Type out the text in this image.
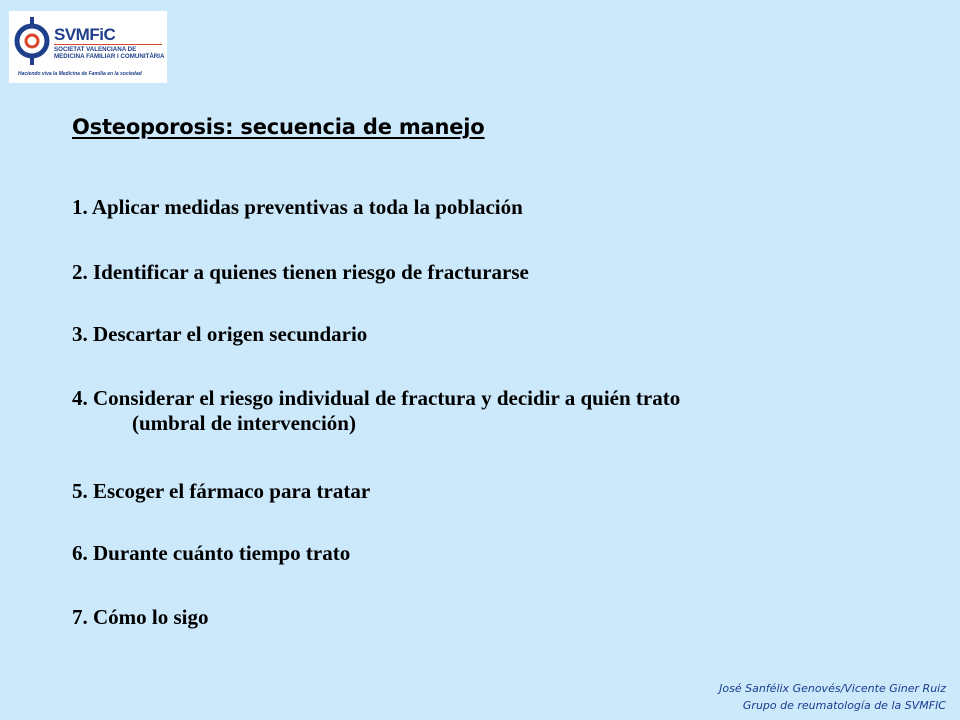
SVMFiC
SOCIETAT VALENCIANA DE
MEDICINA FAMILIAR I COMUNITÀRIA
Haciendo viva la Medicina de Familia en la sociedad
Osteoporosis: secuencia de manejo
1. Aplicar medidas preventivas a toda la población
2. Identificar a quienes tienen riesgo de fracturarse
3. Descartar el origen secundario
4. Considerar el riesgo individual de fractura y decidir a quién trato
(umbral de intervención)
5. Escoger el fármaco para tratar
6. Durante cuánto tiempo trato
7. Cómo lo sigo
José Sanfélix Genovés/Vicente Giner Ruiz
Grupo de reumatología de la SVMFIC
